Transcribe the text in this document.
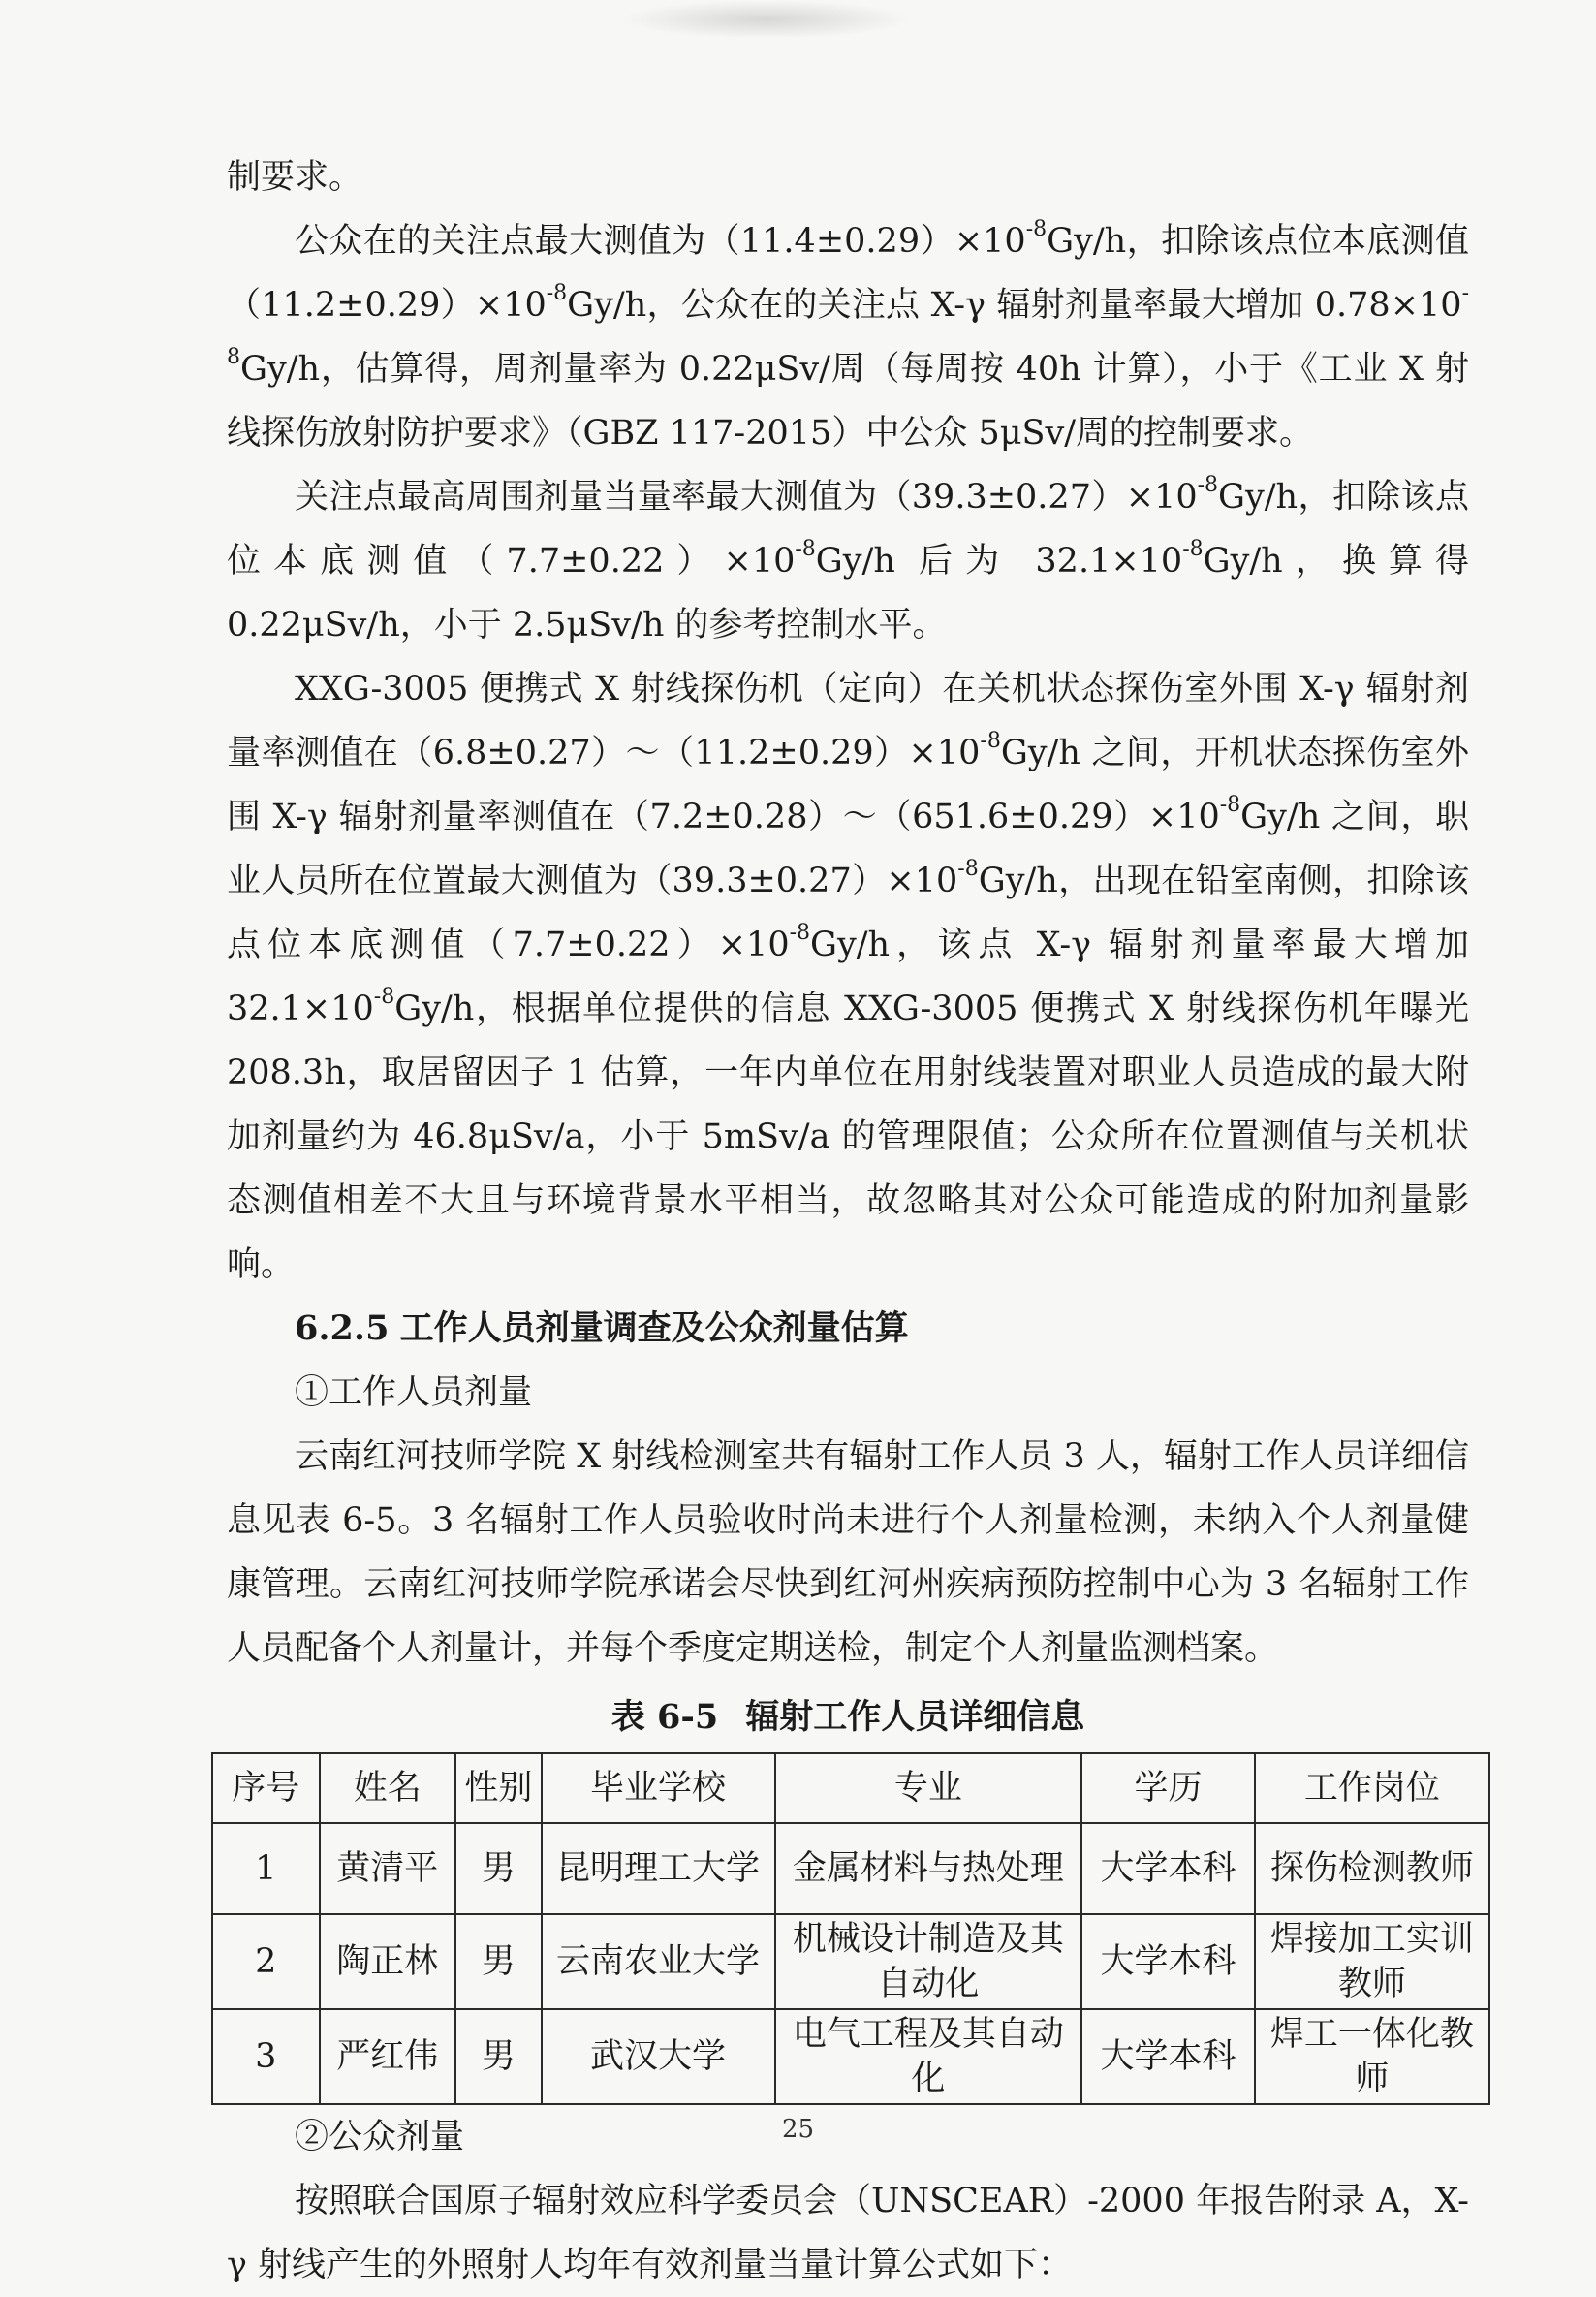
制要求。

公众在的关注点最大测值为$(11.4\pm 0.29)\times 10^{-8}Gy/h$，扣除该点位本底测值$(11.2\pm 0.29)\times 10^{-8}Gy/h$，公众在的关注点 X-γ 辐射剂量率最大增加 $0.78\times 10^{-8}Gy/h$，估算得，周剂量率为 0.22μSv/周（每周按 40h 计算），小于《工业 X 射线探伤放射防护要求》（GBZ 117-2015）中公众 5μSv/周的控制要求。

关注点最高周围剂量当量率最大测值为$(39.3\pm 0.27)\times 10^{-8}Gy/h$，扣除该点位本底测值$(7.7\pm 0.22)\times 10^{-8}Gy/h$ 后为 $32.1\times 10^{-8}Gy/h$，换算得 0.22μSv/h，小于 2.5μSv/h 的参考控制水平。

XXG-3005 便携式 X 射线探伤机（定向）在关机状态探伤室外围 X-γ 辐射剂量率测值在$(6.8\pm 0.27)\sim(11.2\pm 0.29)\times 10^{-8}Gy/h$ 之间，开机状态探伤室外围 X-γ 辐射剂量率测值在$(7.2\pm 0.28)\sim(651.6\pm 0.29)\times 10^{-8}Gy/h$ 之间，职业人员所在位置最大测值为$(39.3\pm 0.27)\times 10^{-8}Gy/h$，出现在铅室南侧，扣除该点位本底测值$(7.7\pm 0.22)\times 10^{-8}Gy/h$，该点 X-γ 辐射剂量率最大增加 $32.1\times 10^{-8}Gy/h$，根据单位提供的信息 XXG-3005 便携式 X 射线探伤机年曝光 208.3h，取居留因子 1 估算，一年内单位在用射线装置对职业人员造成的最大附加剂量约为 46.8μSv/a，小于 5mSv/a 的管理限值；公众所在位置测值与关机状态测值相差不大且与环境背景水平相当，故忽略其对公众可能造成的附加剂量影响。

6.2.5 工作人员剂量调查及公众剂量估算

①工作人员剂量

云南红河技师学院 X 射线检测室共有辐射工作人员 3 人，辐射工作人员详细信息见表 6-5。3 名辐射工作人员验收时尚未进行个人剂量检测，未纳入个人剂量健康管理。云南红河技师学院承诺会尽快到红河州疾病预防控制中心为 3 名辐射工作人员配备个人剂量计，并每个季度定期送检，制定个人剂量监测档案。

表 6-5 辐射工作人员详细信息
序号	姓名	性别	毕业学校	专业	学历	工作岗位
1	黄清平	男	昆明理工大学	金属材料与热处理	大学本科	探伤检测教师
2	陶正林	男	云南农业大学	机械设计制造及其自动化	大学本科	焊接加工实训教师
3	严红伟	男	武汉大学	电气工程及其自动化	大学本科	焊工一体化教师

②公众剂量

按照联合国原子辐射效应科学委员会（UNSCEAR）-2000 年报告附录 A，X-γ 射线产生的外照射人均年有效剂量当量计算公式如下：

25
